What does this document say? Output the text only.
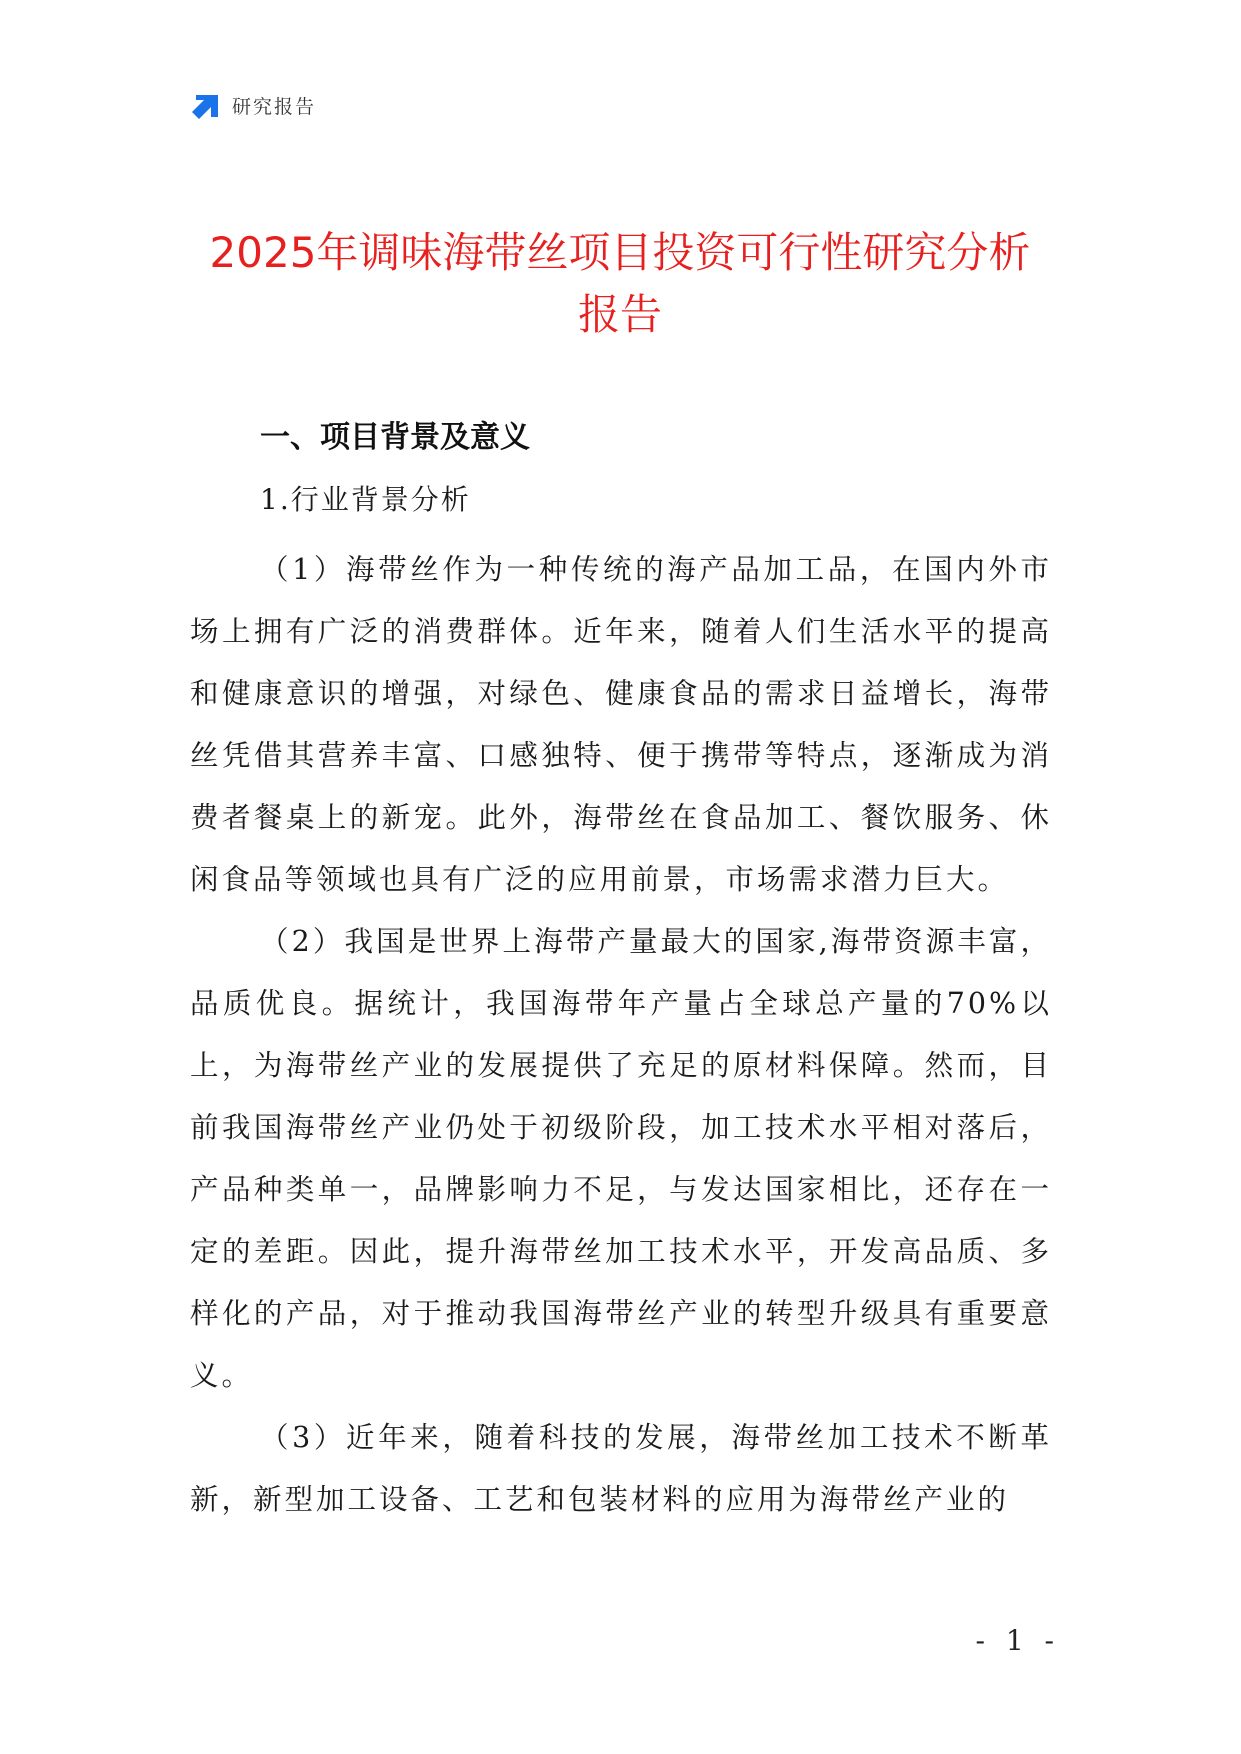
研究报告
2025年调味海带丝项目投资可行性研究分析报告
一、项目背景及意义
1.行业背景分析

（1）海带丝作为一种传统的海产品加工品，在国内外市场上拥有广泛的消费群体。近年来，随着人们生活水平的提高和健康意识的增强，对绿色、健康食品的需求日益增长，海带丝凭借其营养丰富、口感独特、便于携带等特点，逐渐成为消费者餐桌上的新宠。此外，海带丝在食品加工、餐饮服务、休闲食品等领域也具有广泛的应用前景，市场需求潜力巨大。

（2）我国是世界上海带产量最大的国家,海带资源丰富，品质优良。据统计，我国海带年产量占全球总产量的70%以上，为海带丝产业的发展提供了充足的原材料保障。然而，目前我国海带丝产业仍处于初级阶段，加工技术水平相对落后，产品种类单一，品牌影响力不足，与发达国家相比，还存在一定的差距。因此，提升海带丝加工技术水平，开发高品质、多样化的产品，对于推动我国海带丝产业的转型升级具有重要意义。

（3）近年来，随着科技的发展，海带丝加工技术不断革新，新型加工设备、工艺和包装材料的应用为海带丝产业的

- 1 -
